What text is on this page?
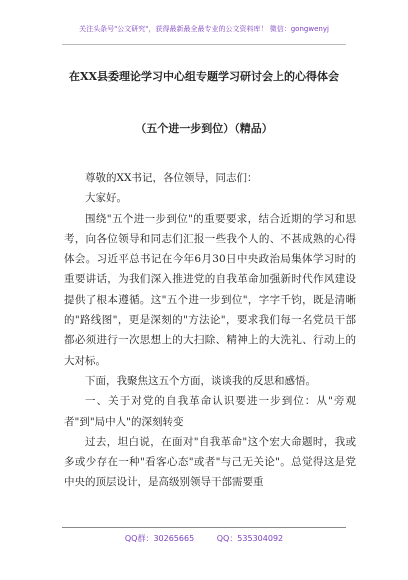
关注头条号"公文研究"，获得最新最全最专业的公文资料库！ 微信：gongwenyj
在XX县委理论学习中心组专题学习研讨会上的心得体会
（五个进一步到位）（精品）

尊敬的XX书记，各位领导，同志们：

大家好。

围绕"五个进一步到位"的重要要求，结合近期的学习和思考，向各位领导和同志们汇报一些我个人的、不甚成熟的心得体会。习近平总书记在今年6月30日中央政治局集体学习时的重要讲话，为我们深入推进党的自我革命加强新时代作风建设提供了根本遵循。这"五个进一步到位"，字字千钧，既是清晰的"路线图"，更是深刻的"方法论"，要求我们每一名党员干部都必须进行一次思想上的大扫除、精神上的大洗礼、行动上的大对标。

下面，我聚焦这五个方面，谈谈我的反思和感悟。

一、关于对党的自我革命认识要进一步到位：从"旁观者"到"局中人"的深刻转变

过去，坦白说，在面对"自我革命"这个宏大命题时，我或多或少存在一种"看客心态"或者"与己无关论"。总觉得这是党中央的顶层设计，是高级别领导干部需要重

QQ群：30265665	QQ：535304092
